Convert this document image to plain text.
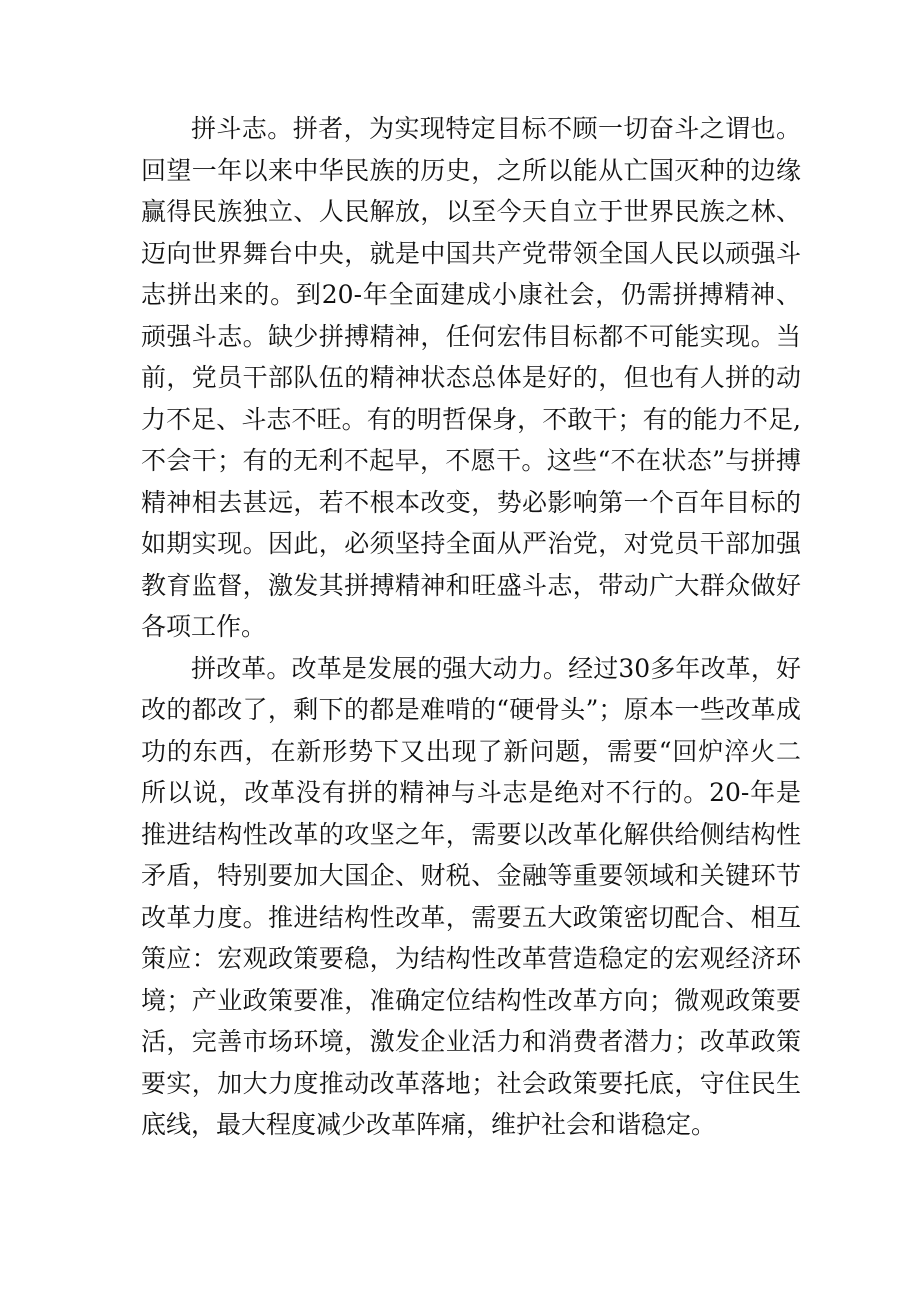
拼斗志。拼者，为实现特定目标不顾一切奋斗之谓也。回望一年以来中华民族的历史，之所以能从亡国灭种的边缘赢得民族独立、人民解放，以至今天自立于世界民族之林、迈向世界舞台中央，就是中国共产党带领全国人民以顽强斗志拼出来的。到20-年全面建成小康社会，仍需拼搏精神、顽强斗志。缺少拼搏精神，任何宏伟目标都不可能实现。当前，党员干部队伍的精神状态总体是好的，但也有人拼的动力不足、斗志不旺。有的明哲保身，不敢干；有的能力不足,不会干；有的无利不起早，不愿干。这些“不在状态”与拼搏精神相去甚远，若不根本改变，势必影响第一个百年目标的如期实现。因此，必须坚持全面从严治党，对党员干部加强教育监督，激发其拼搏精神和旺盛斗志，带动广大群众做好各项工作。

拼改革。改革是发展的强大动力。经过30多年改革，好改的都改了，剩下的都是难啃的“硬骨头”；原本一些改革成功的东西，在新形势下又出现了新问题，需要“回炉淬火二所以说，改革没有拼的精神与斗志是绝对不行的。20-年是推进结构性改革的攻坚之年，需要以改革化解供给侧结构性矛盾，特别要加大国企、财税、金融等重要领域和关键环节改革力度。推进结构性改革，需要五大政策密切配合、相互策应：宏观政策要稳，为结构性改革营造稳定的宏观经济环境；产业政策要准，准确定位结构性改革方向；微观政策要活，完善市场环境，激发企业活力和消费者潜力；改革政策要实，加大力度推动改革落地；社会政策要托底，守住民生底线，最大程度减少改革阵痛，维护社会和谐稳定。
